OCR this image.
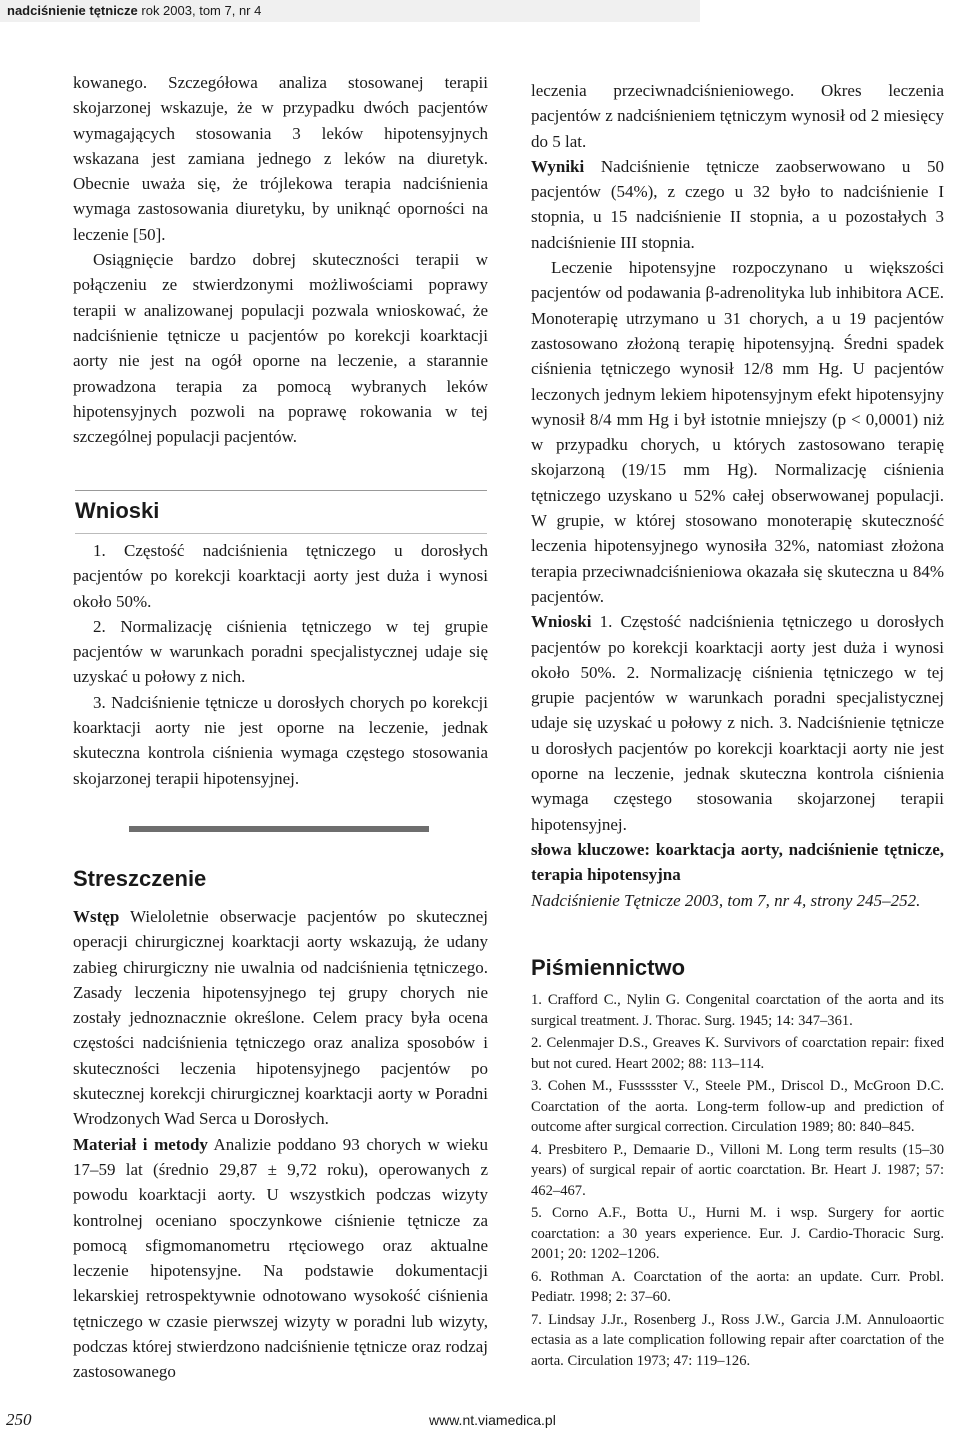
nadciśnienie tętnicze rok 2003, tom 7, nr 4

kowanego. Szczegółowa analiza stosowanej terapii skojarzonej wskazuje, że w przypadku dwóch pacjentów wymagających stosowania 3 leków hipotensyjnych wskazana jest zamiana jednego z leków na diuretyk. Obecnie uważa się, że trójlekowa terapia nadciśnienia wymaga zastosowania diuretyku, by uniknąć oporności na leczenie [50].

Osiągnięcie bardzo dobrej skuteczności terapii w połączeniu ze stwierdzonymi możliwościami poprawy terapii w analizowanej populacji pozwala wnioskować, że nadciśnienie tętnicze u pacjentów po korekcji koarktacji aorty nie jest na ogół oporne na leczenie, a starannie prowadzona terapia za pomocą wybranych leków hipotensyjnych pozwoli na poprawę rokowania w tej szczególnej populacji pacjentów.

Wnioski

1. Częstość nadciśnienia tętniczego u dorosłych pacjentów po korekcji koarktacji aorty jest duża i wynosi około 50%.

2. Normalizację ciśnienia tętniczego w tej grupie pacjentów w warunkach poradni specjalistycznej udaje się uzyskać u połowy z nich.

3. Nadciśnienie tętnicze u dorosłych chorych po korekcji koarktacji aorty nie jest oporne na leczenie, jednak skuteczna kontrola ciśnienia wymaga częstego stosowania skojarzonej terapii hipotensyjnej.

Streszczenie

Wstęp Wieloletnie obserwacje pacjentów po skutecznej operacji chirurgicznej koarktacji aorty wskazują, że udany zabieg chirurgiczny nie uwalnia od nadciśnienia tętniczego. Zasady leczenia hipotensyjnego tej grupy chorych nie zostały jednoznacznie określone. Celem pracy była ocena częstości nadciśnienia tętniczego oraz analiza sposobów i skuteczności leczenia hipotensyjnego pacjentów po skutecznej korekcji chirurgicznej koarktacji aorty w Poradni Wrodzonych Wad Serca u Dorosłych.

Materiał i metody Analizie poddano 93 chorych w wieku 17–59 lat (średnio 29,87 ± 9,72 roku), operowanych z powodu koarktacji aorty. U wszystkich podczas wizyty kontrolnej oceniano spoczynkowe ciśnienie tętnicze za pomocą sfigmomanometru rtęciowego oraz aktualne leczenie hipotensyjne. Na podstawie dokumentacji lekarskiej retrospektywnie odnotowano wysokość ciśnienia tętniczego w czasie pierwszej wizyty w poradni lub wizyty, podczas której stwierdzono nadciśnienie tętnicze oraz rodzaj zastosowanego

leczenia przeciwnadciśnieniowego. Okres leczenia pacjentów z nadciśnieniem tętniczym wynosił od 2 miesięcy do 5 lat.

Wyniki Nadciśnienie tętnicze zaobserwowano u 50 pacjentów (54%), z czego u 32 było to nadciśnienie I stopnia, u 15 nadciśnienie II stopnia, a u pozostałych 3 nadciśnienie III stopnia.

Leczenie hipotensyjne rozpoczynano u większości pacjentów od podawania β-adrenolityka lub inhibitora ACE. Monoterapię utrzymano u 31 chorych, a u 19 pacjentów zastosowano złożoną terapię hipotensyjną. Średni spadek ciśnienia tętniczego wynosił 12/8 mm Hg. U pacjentów leczonych jednym lekiem hipotensyjnym efekt hipotensyjny wynosił 8/4 mm Hg i był istotnie mniejszy (p < 0,0001) niż w przypadku chorych, u których zastosowano terapię skojarzoną (19/15 mm Hg). Normalizację ciśnienia tętniczego uzyskano u 52% całej obserwowanej populacji. W grupie, w której stosowano monoterapię skuteczność leczenia hipotensyjnego wynosiła 32%, natomiast złożona terapia przeciwnadciśnieniowa okazała się skuteczna u 84% pacjentów.

Wnioski 1. Częstość nadciśnienia tętniczego u dorosłych pacjentów po korekcji koarktacji aorty jest duża i wynosi około 50%. 2. Normalizację ciśnienia tętniczego w tej grupie pacjentów w warunkach poradni specjalistycznej udaje się uzyskać u połowy z nich. 3. Nadciśnienie tętnicze u dorosłych pacjentów po korekcji koarktacji aorty nie jest oporne na leczenie, jednak skuteczna kontrola ciśnienia wymaga częstego stosowania skojarzonej terapii hipotensyjnej.

słowa kluczowe: koarktacja aorty, nadciśnienie tętnicze, terapia hipotensyjna

Nadciśnienie Tętnicze 2003, tom 7, nr 4, strony 245–252.

Piśmiennictwo

1. Crafford C., Nylin G. Congenital coarctation of the aorta and its surgical treatment. J. Thorac. Surg. 1945; 14: 347–361.

2. Celenmajer D.S., Greaves K. Survivors of coarctation repair: fixed but not cured. Heart 2002; 88: 113–114.

3. Cohen M., Fussssster V., Steele PM., Driscol D., McGroon D.C. Coarctation of the aorta. Long-term follow-up and prediction of outcome after surgical correction. Circulation 1989; 80: 840–845.

4. Presbitero P., Demaarie D., Villoni M. Long term results (15–30 years) of surgical repair of aortic coarctation. Br. Heart J. 1987; 57: 462–467.

5. Corno A.F., Botta U., Hurni M. i wsp. Surgery for aortic coarctation: a 30 years experience. Eur. J. Cardio-Thoracic Surg. 2001; 20: 1202–1206.

6. Rothman A. Coarctation of the aorta: an update. Curr. Probl. Pediatr. 1998; 2: 37–60.

7. Lindsay J.Jr., Rosenberg J., Ross J.W., Garcia J.M. Annuloaortic ectasia as a late complication following repair after coarctation of the aorta. Circulation 1973; 47: 119–126.

250	www.nt.viamedica.pl
